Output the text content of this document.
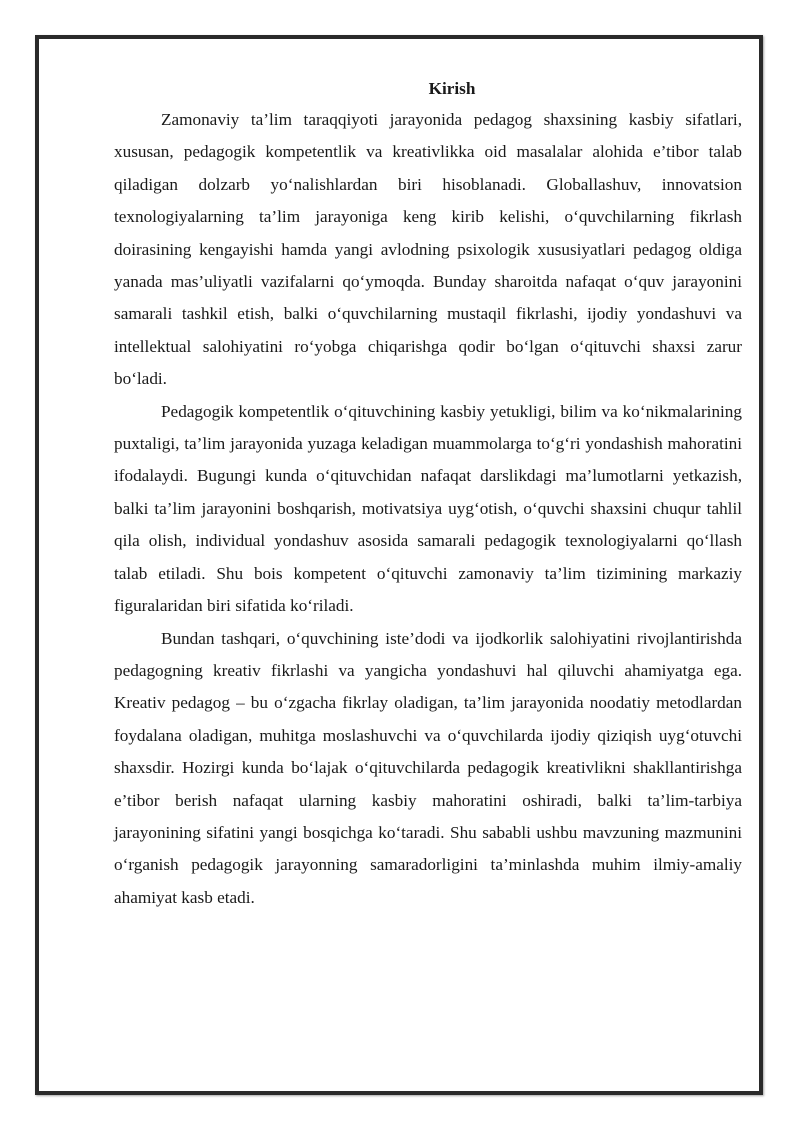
Kirish

Zamonaviy ta’lim taraqqiyoti jarayonida pedagog shaxsining kasbiy sifatlari, xususan, pedagogik kompetentlik va kreativlikka oid masalalar alohida e’tibor talab qiladigan dolzarb yo‘nalishlardan biri hisoblanadi. Globallashuv, innovatsion texnologiyalarning ta’lim jarayoniga keng kirib kelishi, o‘quvchilarning fikrlash doirasining kengayishi hamda yangi avlodning psixologik xususiyatlari pedagog oldiga yanada mas’uliyatli vazifalarni qo‘ymoqda. Bunday sharoitda nafaqat o‘quv jarayonini samarali tashkil etish, balki o‘quvchilarning mustaqil fikrlashi, ijodiy yondashuvi va intellektual salohiyatini ro‘yobga chiqarishga qodir bo‘lgan o‘qituvchi shaxsi zarur bo‘ladi.

Pedagogik kompetentlik o‘qituvchining kasbiy yetukligi, bilim va ko‘nikmalarining puxtaligi, ta’lim jarayonida yuzaga keladigan muammolarga to‘g‘ri yondashish mahoratini ifodalaydi. Bugungi kunda o‘qituvchidan nafaqat darslikdagi ma’lumotlarni yetkazish, balki ta’lim jarayonini boshqarish, motivatsiya uyg‘otish, o‘quvchi shaxsini chuqur tahlil qila olish, individual yondashuv asosida samarali pedagogik texnologiyalarni qo‘llash talab etiladi. Shu bois kompetent o‘qituvchi zamonaviy ta’lim tizimining markaziy figuralaridan biri sifatida ko‘riladi.

Bundan tashqari, o‘quvchining iste’dodi va ijodkorlik salohiyatini rivojlantirishda pedagogning kreativ fikrlashi va yangicha yondashuvi hal qiluvchi ahamiyatga ega. Kreativ pedagog – bu o‘zgacha fikrlay oladigan, ta’lim jarayonida noodatiy metodlardan foydalana oladigan, muhitga moslashuvchi va o‘quvchilarda ijodiy qiziqish uyg‘otuvchi shaxsdir. Hozirgi kunda bo‘lajak o‘qituvchilarda pedagogik kreativlikni shakllantirishga e’tibor berish nafaqat ularning kasbiy mahoratini oshiradi, balki ta’lim-tarbiya jarayonining sifatini yangi bosqichga ko‘taradi. Shu sababli ushbu mavzuning mazmunini o‘rganish pedagogik jarayonning samaradorligini ta’minlashda muhim ilmiy-amaliy ahamiyat kasb etadi.
